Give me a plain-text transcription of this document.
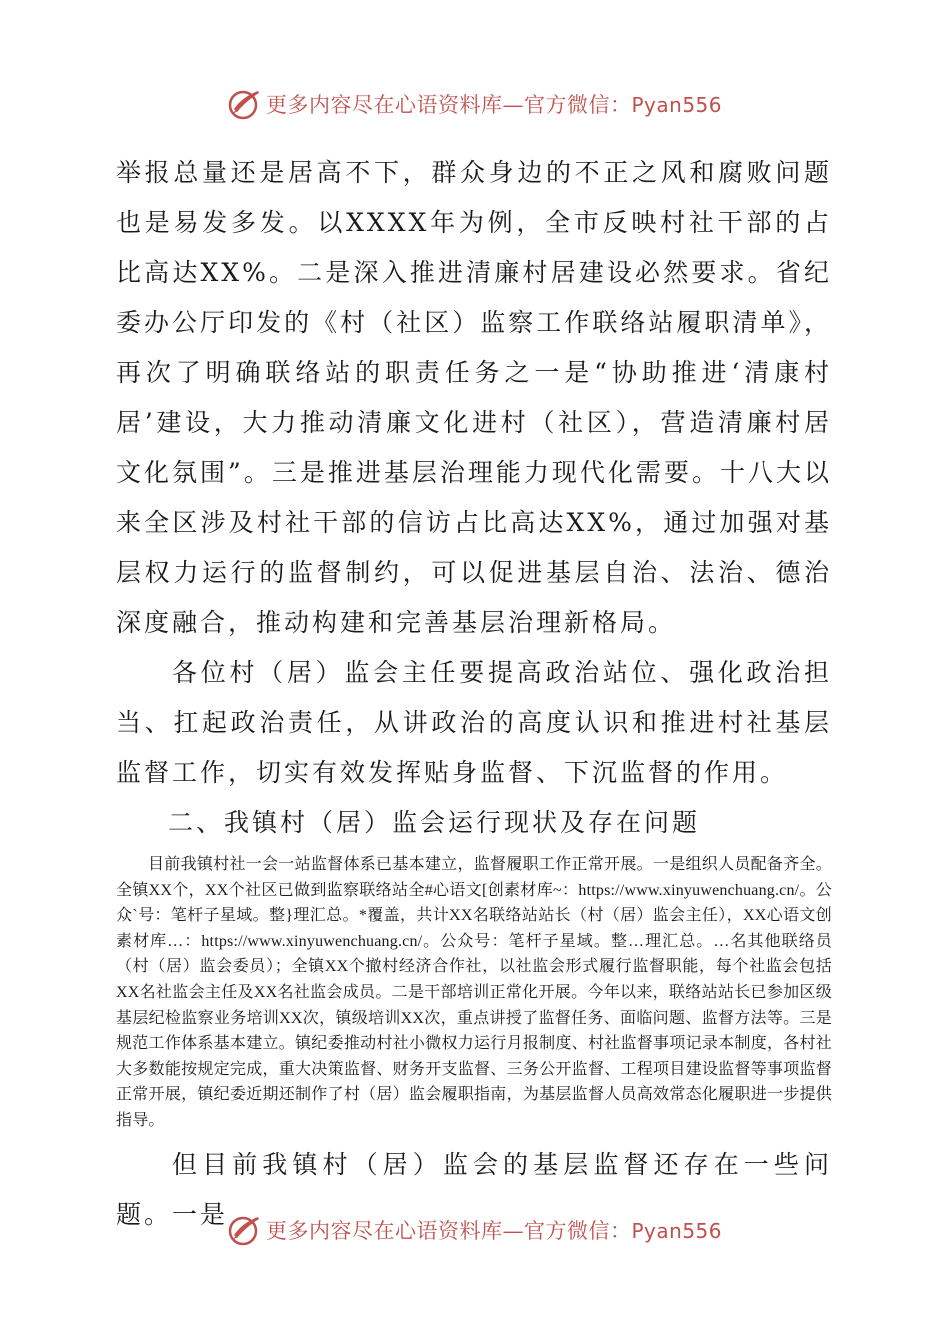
更多内容尽在心语资料库—官方微信：Pyan556

举报总量还是居高不下，群众身边的不正之风和腐败问题也是易发多发。以XXXX年为例，全市反映村社干部的占比高达XX%。二是深入推进清廉村居建设必然要求。省纪委办公厅印发的《村（社区）监察工作联络站履职清单》，再次了明确联络站的职责任务之一是“协助推进‘清康村居’建设，大力推动清廉文化进村（社区），营造清廉村居文化氛围”。三是推进基层治理能力现代化需要。十八大以来全区涉及村社干部的信访占比高达XX%，通过加强对基层权力运行的监督制约，可以促进基层自治、法治、德治深度融合，推动构建和完善基层治理新格局。

各位村（居）监会主任要提高政治站位、强化政治担当、扛起政治责任，从讲政治的高度认识和推进村社基层监督工作，切实有效发挥贴身监督、下沉监督的作用。

二、我镇村（居）监会运行现状及存在问题

目前我镇村社一会一站监督体系已基本建立，监督履职工作正常开展。一是组织人员配备齐全。全镇XX个，XX个社区已做到监察联络站全#心语文[创素材库~：https://www.xinyuwenchuang.cn/。公众`号：笔杆子星域。整}理汇总。*覆盖，共计XX名联络站站长（村（居）监会主任），XX心语文创素材库…：https://www.xinyuwenchuang.cn/。公众号：笔杆子星域。整…理汇总。…名其他联络员（村（居）监会委员）；全镇XX个撤村经济合作社，以社监会形式履行监督职能，每个社监会包括XX名社监会主任及XX名社监会成员。二是干部培训正常化开展。今年以来，联络站站长已参加区级基层纪检监察业务培训XX次，镇级培训XX次，重点讲授了监督任务、面临问题、监督方法等。三是规范工作体系基本建立。镇纪委推动村社小微权力运行月报制度、村社监督事项记录本制度，各村社大多数能按规定完成，重大决策监督、财务开支监督、三务公开监督、工程项目建设监督等事项监督正常开展，镇纪委近期还制作了村（居）监会履职指南，为基层监督人员高效常态化履职进一步提供指导。

但目前我镇村（居）监会的基层监督还存在一些问题。一是

更多内容尽在心语资料库—官方微信：Pyan556
